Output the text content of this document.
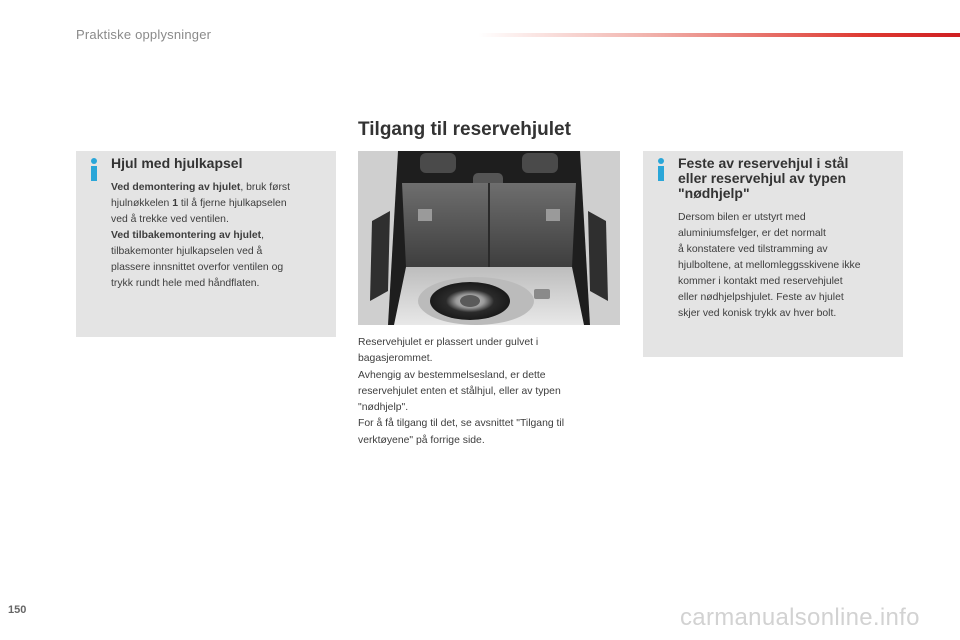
Praktiske opplysninger
Tilgang til reservehjulet
Hjul med hjulkapsel
Ved demontering av hjulet, bruk først
hjulnøkkelen 1 til å fjerne hjulkapselen
ved å trekke ved ventilen.
Ved tilbakemontering av hjulet,
tilbakemonter hjulkapselen ved å
plassere innsnittet overfor ventilen og
trykk rundt hele med håndflaten.
Reservehjulet er plassert under gulvet i
bagasjerommet.
Avhengig av bestemmelsesland, er dette
reservehjulet enten et stålhjul, eller av typen
"nødhjelp".
For å få tilgang til det, se avsnittet "Tilgang til
verktøyene" på forrige side.
Feste av reservehjul i stål
eller reservehjul av typen
"nødhjelp"
Dersom bilen er utstyrt med
aluminiumsfelger, er det normalt
å konstatere ved tilstramming av
hjulboltene, at mellomleggsskivene ikke
kommer i kontakt med reservehjulet
eller nødhjelpshjulet. Feste av hjulet
skjer ved konisk trykk av hver bolt.
150	carmanualsonline.info
